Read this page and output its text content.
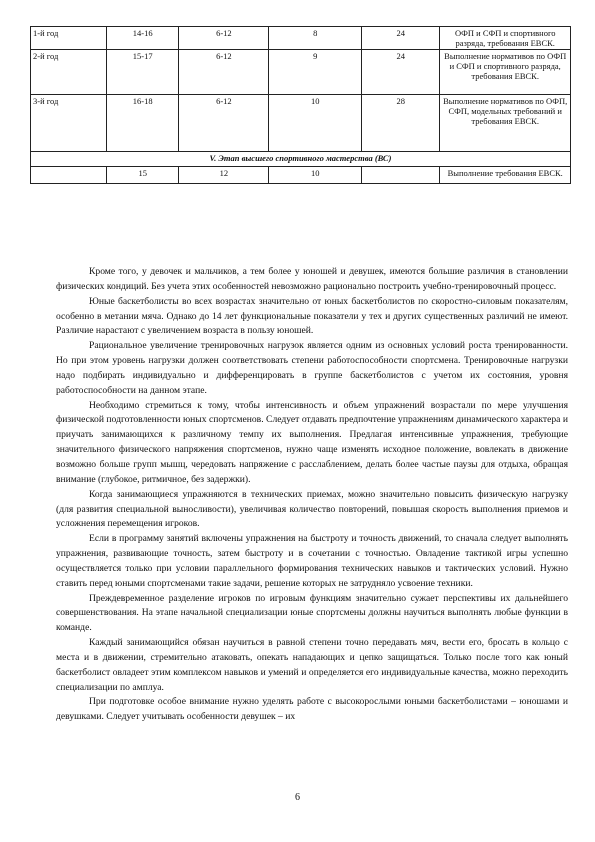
1-й год	14-16	6-12	8	24	ОФП и СФП и спортивного разряда, требования ЕВСК.
2-й год	15-17	6-12	9	24	Выполнение нормативов по ОФП и СФП и спортивного разряда, требования ЕВСК.
3-й год	16-18	6-12	10	28	Выполнение нормативов по ОФП, СФП, модельных требований и требования ЕВСК.
V. Этап высшего спортивного мастерства (ВС)					
	15	12	10		Выполнение требования ЕВСК.

Кроме того, у девочек и мальчиков, а тем более у юношей и девушек, имеются большие различия в становлении физических кондиций. Без учета этих особенностей невозможно рационально построить учебно-тренировочный процесс.

Юные баскетболисты во всех возрастах значительно от юных баскетболистов по скоростно-силовым показателям, особенно в метании мяча. Однако до 14 лет функциональные показатели у тех и других существенных различий не имеют. Различие нарастают с увеличением возраста в пользу юношей.

Рациональное увеличение тренировочных нагрузок является одним из основных условий роста тренированности. Но при этом уровень нагрузки должен соответствовать степени работоспособности спортсмена. Тренировочные нагрузки надо подбирать индивидуально и дифференцировать в группе баскетболистов с учетом их состояния, уровня работоспособности на данном этапе.

Необходимо стремиться к тому, чтобы интенсивность и объем упражнений возрастали по мере улучшения физической подготовленности юных спортсменов. Следует отдавать предпочтение упражнениям динамического характера и приучать занимающихся к различному темпу их выполнения. Предлагая интенсивные упражнения, требующие значительного физического напряжения спортсменов, нужно чаще изменять исходное положение, вовлекать в движение возможно больше групп мышц, чередовать напряжение с расслаблением, делать более частые паузы для отдыха, обращая внимание (глубокое, ритмичное, без задержки).

Когда занимающиеся упражняются в технических приемах, можно значительно повысить физическую нагрузку (для развития специальной выносливости), увеличивая количество повторений, повышая скорость выполнения приемов и усложнения перемещения игроков.

Если в программу занятий включены упражнения на быстроту и точность движений, то сначала следует выполнять упражнения, развивающие точность, затем быстроту и в сочетании с точностью. Овладение тактикой игры успешно осуществляется только при условии параллельного формирования технических навыков и тактических условий. Нужно ставить перед юными спортсменами такие задачи, решение которых не затрудняло усвоение техники.

Преждевременное разделение игроков по игровым функциям значительно сужает перспективы их дальнейшего совершенствования. На этапе начальной специализации юные спортсмены должны научиться выполнять любые функции в команде.

Каждый занимающийся обязан научиться в равной степени точно передавать мяч, вести его, бросать в кольцо с места и в движении, стремительно атаковать, опекать нападающих и цепко защищаться. Только после того как юный баскетболист овладеет этим комплексом навыков и умений и определяется его индивидуальные качества, можно переходить специализации по амплуа.

При подготовке особое внимание нужно уделять работе с высокорослыми юными баскетболистами – юношами и девушками. Следует учитывать особенности девушек – их

6
